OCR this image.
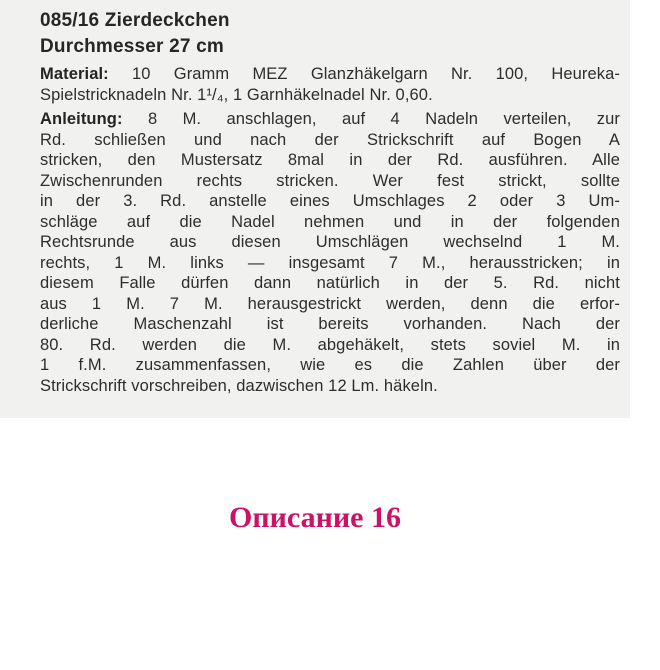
085/16 Zierdeckchen
Durchmesser 27 cm
Material: 10 Gramm MEZ Glanzhäkelgarn Nr. 100, Heureka-
Spielstricknadeln Nr. 1¹/₄, 1 Garnhäkelnadel Nr. 0,60.
Anleitung: 8 M. anschlagen, auf 4 Nadeln verteilen, zur
Rd. schließen und nach der Strickschrift auf Bogen A
stricken, den Mustersatz 8mal in der Rd. ausführen. Alle
Zwischenrunden rechts stricken. Wer fest strickt, sollte
in der 3. Rd. anstelle eines Umschlages 2 oder 3 Um-
schläge auf die Nadel nehmen und in der folgenden
Rechtsrunde aus diesen Umschlägen wechselnd 1 M.
rechts, 1 M. links — insgesamt 7 M., herausstricken; in
diesem Falle dürfen dann natürlich in der 5. Rd. nicht
aus 1 M. 7 M. herausgestrickt werden, denn die erfor-
derliche Maschenzahl ist bereits vorhanden. Nach der
80. Rd. werden die M. abgehäkelt, stets soviel M. in
1 f.M. zusammenfassen, wie es die Zahlen über der
Strickschrift vorschreiben, dazwischen 12 Lm. häkeln.
Описание 16
